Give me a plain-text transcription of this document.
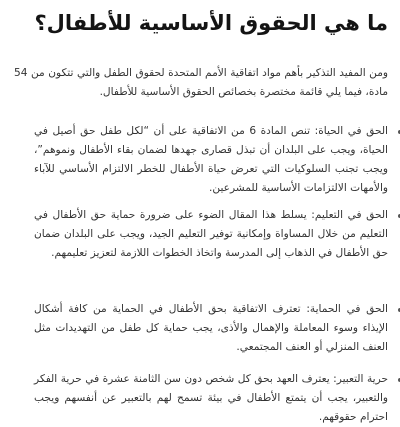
ما هي الحقوق الأساسية للأطفال؟

ومن المفيد التذكير بأهم مواد اتفاقية الأمم المتحدة لحقوق الطفل والتي تتكون من 54 مادة، فيما يلي قائمة مختصرة بخصائص الحقوق الأساسية للأطفال.

الحق في الحياة: تنص المادة 6 من الاتفاقية على أن “لكل طفل حق أصيل في الحياة، ويجب على البلدان أن تبذل قصارى جهدها لضمان بقاء الأطفال ونموهم”، ويجب تجنب السلوكيات التي تعرض حياة الأطفال للخطر الالتزام الأساسي للآباء والأمهات الالتزامات الأساسية للمشرعين.
الحق في التعليم: يسلط هذا المقال الضوء على ضرورة حماية حق الأطفال في التعليم من خلال المساواة وإمكانية توفير التعليم الجيد، ويجب على البلدان ضمان حق الأطفال في الذهاب إلى المدرسة واتخاذ الخطوات اللازمة لتعزيز تعليمهم.
الحق في الحماية: تعترف الاتفاقية بحق الأطفال في الحماية من كافة أشكال الإيذاء وسوء المعاملة والإهمال والأذى، يجب حماية كل طفل من التهديدات مثل العنف المنزلي أو العنف المجتمعي.
حرية التعبير: يعترف العهد بحق كل شخص دون سن الثامنة عشرة في حرية الفكر والتعبير، يجب أن يتمتع الأطفال في بيئة تسمح لهم بالتعبير عن أنفسهم ويجب احترام حقوقهم.
